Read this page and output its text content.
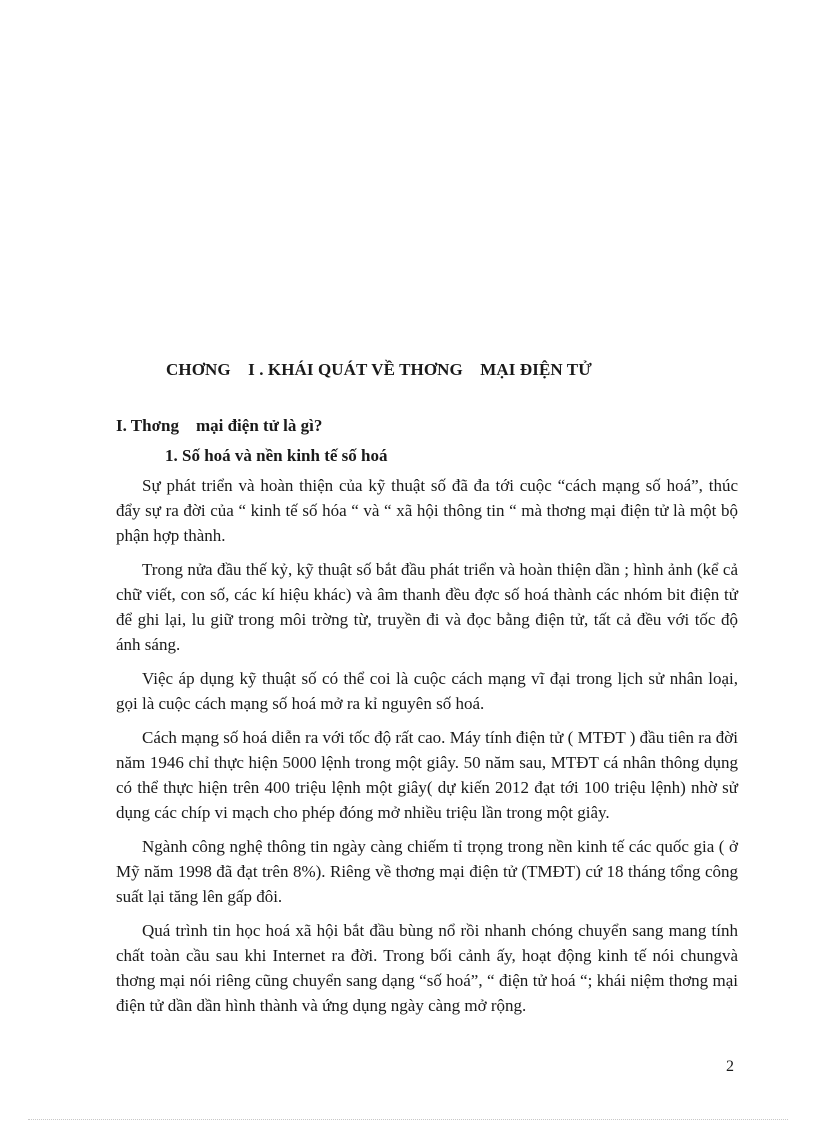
CHƠNG    I . KHÁI QUÁT VỀ THƠNG    MẠI ĐIỆN TỬ
I. Thơng    mại điện tử là gì?
1. Số hoá và nền kinh tế số hoá

Sự phát triển và hoàn thiện của kỹ thuật số đã đa tới cuộc “cách mạng số hoá”, thúc đẩy sự ra đời của “ kinh tế số hóa “ và “ xã hội thông tin “ mà thơng mại điện tử là một bộ phận hợp thành.

Trong nửa đầu thế kỷ, kỹ thuật số bắt đầu phát triển và hoàn thiện dần ; hình ảnh (kể cả chữ viết, con số, các kí hiệu khác) và âm thanh đều đợc số hoá thành các nhóm bit điện tử để ghi lại, lu giữ trong môi trờng từ, truyền đi và đọc bằng điện tử, tất cả đều với tốc độ ánh sáng.

Việc áp dụng kỹ thuật số có thể coi là cuộc cách mạng vĩ đại trong lịch sử nhân loại, gọi là cuộc cách mạng số hoá mở ra kỉ nguyên số hoá.

Cách mạng số hoá diễn ra với tốc độ rất cao. Máy tính điện tử ( MTĐT ) đầu tiên ra đời năm 1946 chỉ thực hiện 5000 lệnh trong một giây. 50 năm sau, MTĐT cá nhân thông dụng có thể thực hiện trên 400 triệu lệnh một giây( dự kiến 2012 đạt tới 100 triệu lệnh) nhờ sử dụng các chíp vi mạch cho phép đóng mở nhiều triệu lần trong một giây.

Ngành công nghệ thông tin ngày càng chiếm tỉ trọng trong nền kinh tế các quốc gia ( ở Mỹ năm 1998 đã đạt trên 8%). Riêng về thơng mại điện tử (TMĐT) cứ 18 tháng tổng công suất lại tăng lên gấp đôi.

Quá trình tin học hoá xã hội bắt đầu bùng nổ rồi nhanh chóng chuyển sang mang tính chất toàn cầu sau khi Internet ra đời. Trong bối cảnh ấy, hoạt động kinh tế nói chungvà thơng mại nói riêng cũng chuyển sang dạng “số hoá”, “ điện tử hoá “; khái niệm thơng mại điện tử dần dần hình thành và ứng dụng ngày càng mở rộng.

2
